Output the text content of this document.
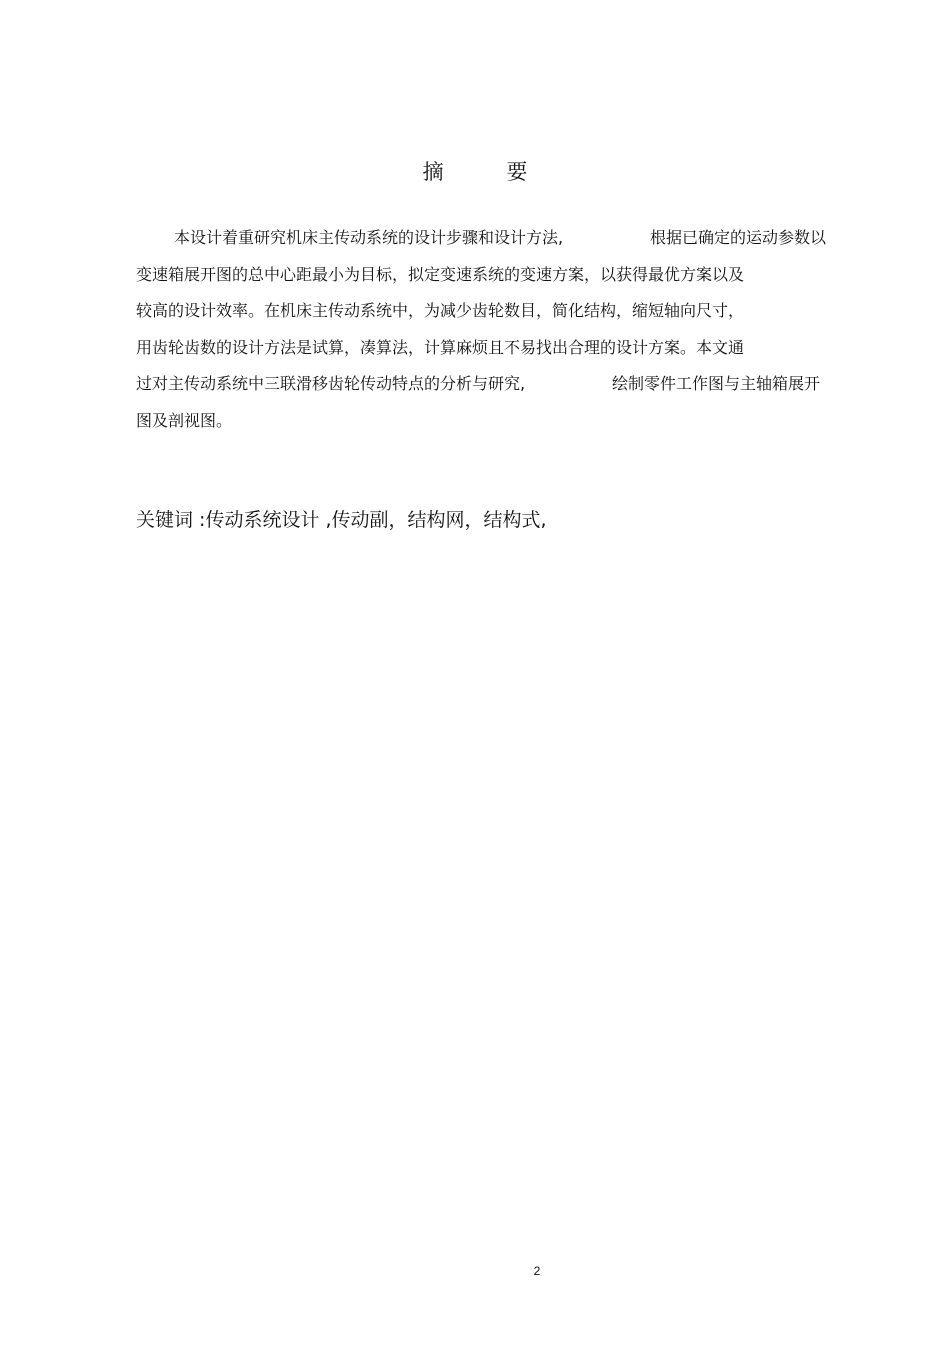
摘 要
本设计着重研究机床主传动系统的设计步骤和设计方法,	根据已确定的运动参数以
变速箱展开图的总中心距最小为目标，拟定变速系统的变速方案，以获得最优方案以及
较高的设计效率。在机床主传动系统中，为减少齿轮数目，简化结构，缩短轴向尺寸，
用齿轮齿数的设计方法是试算，凑算法，计算麻烦且不易找出合理的设计方案。本文通
过对主传动系统中三联滑移齿轮传动特点的分析与研究,	绘制零件工作图与主轴箱展开
图及剖视图。
关键词 :传动系统设计 ,传动副，结构网，结构式,
2
